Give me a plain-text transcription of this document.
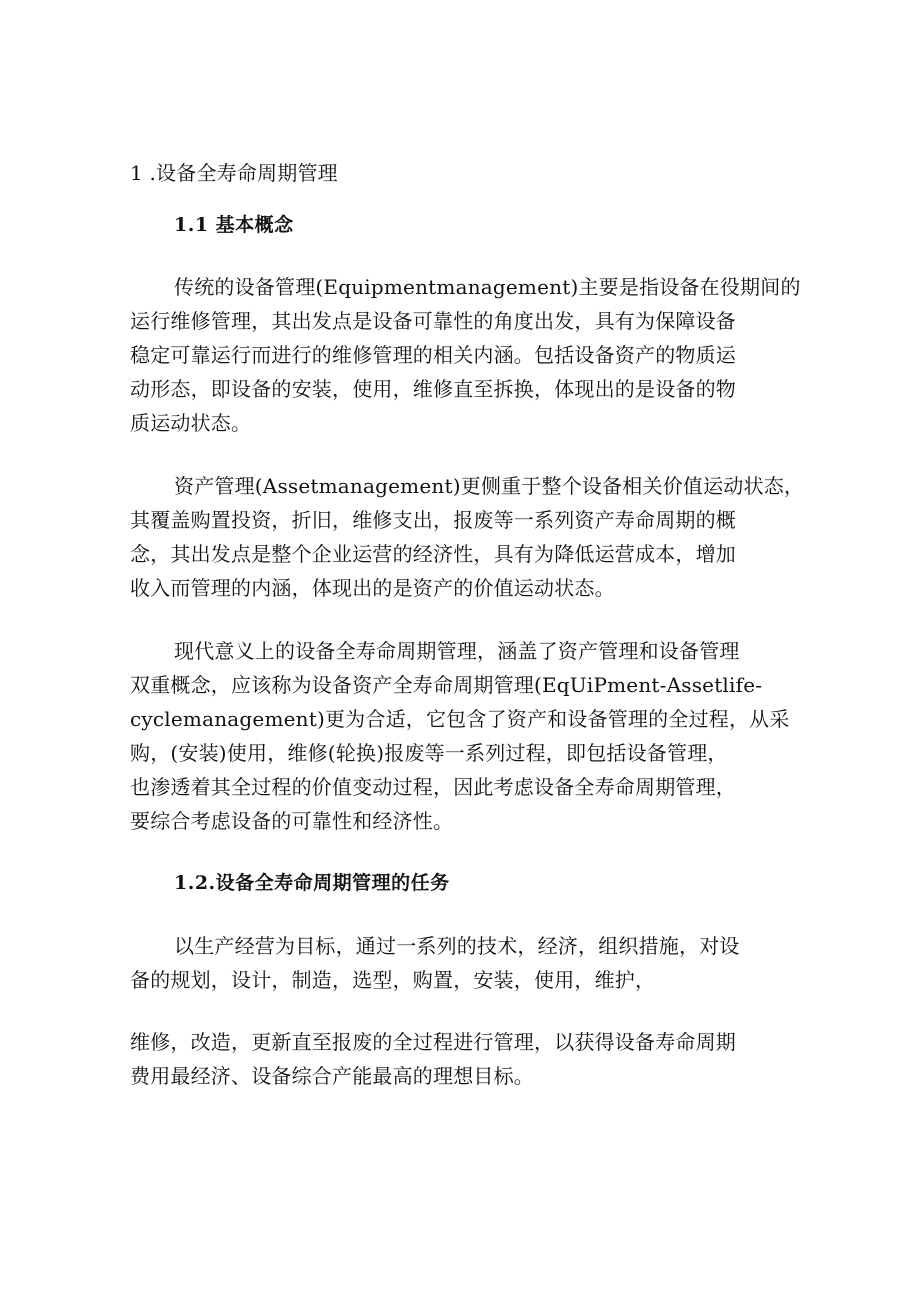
1 .设备全寿命周期管理
1.1 基本概念
传统的设备管理(Equipmentmanagement)主要是指设备在役期间的
运行维修管理，其出发点是设备可靠性的角度出发，具有为保障设备
稳定可靠运行而进行的维修管理的相关内涵。包括设备资产的物质运
动形态，即设备的安装，使用，维修直至拆换，体现出的是设备的物
质运动状态。
资产管理(Assetmanagement)更侧重于整个设备相关价值运动状态，
其覆盖购置投资，折旧，维修支出，报废等一系列资产寿命周期的概
念，其出发点是整个企业运营的经济性，具有为降低运营成本，增加
收入而管理的内涵，体现出的是资产的价值运动状态。
现代意义上的设备全寿命周期管理，涵盖了资产管理和设备管理
双重概念，应该称为设备资产全寿命周期管理(EqUiPment-Assetlife-
cyclemanagement)更为合适，它包含了资产和设备管理的全过程，从采
购，(安装)使用，维修(轮换)报废等一系列过程，即包括设备管理，
也渗透着其全过程的价值变动过程，因此考虑设备全寿命周期管理，
要综合考虑设备的可靠性和经济性。
1.2.设备全寿命周期管理的任务
以生产经营为目标，通过一系列的技术，经济，组织措施，对设
备的规划，设计，制造，选型，购置，安装，使用，维护，
维修，改造，更新直至报废的全过程进行管理，以获得设备寿命周期
费用最经济、设备综合产能最高的理想目标。
